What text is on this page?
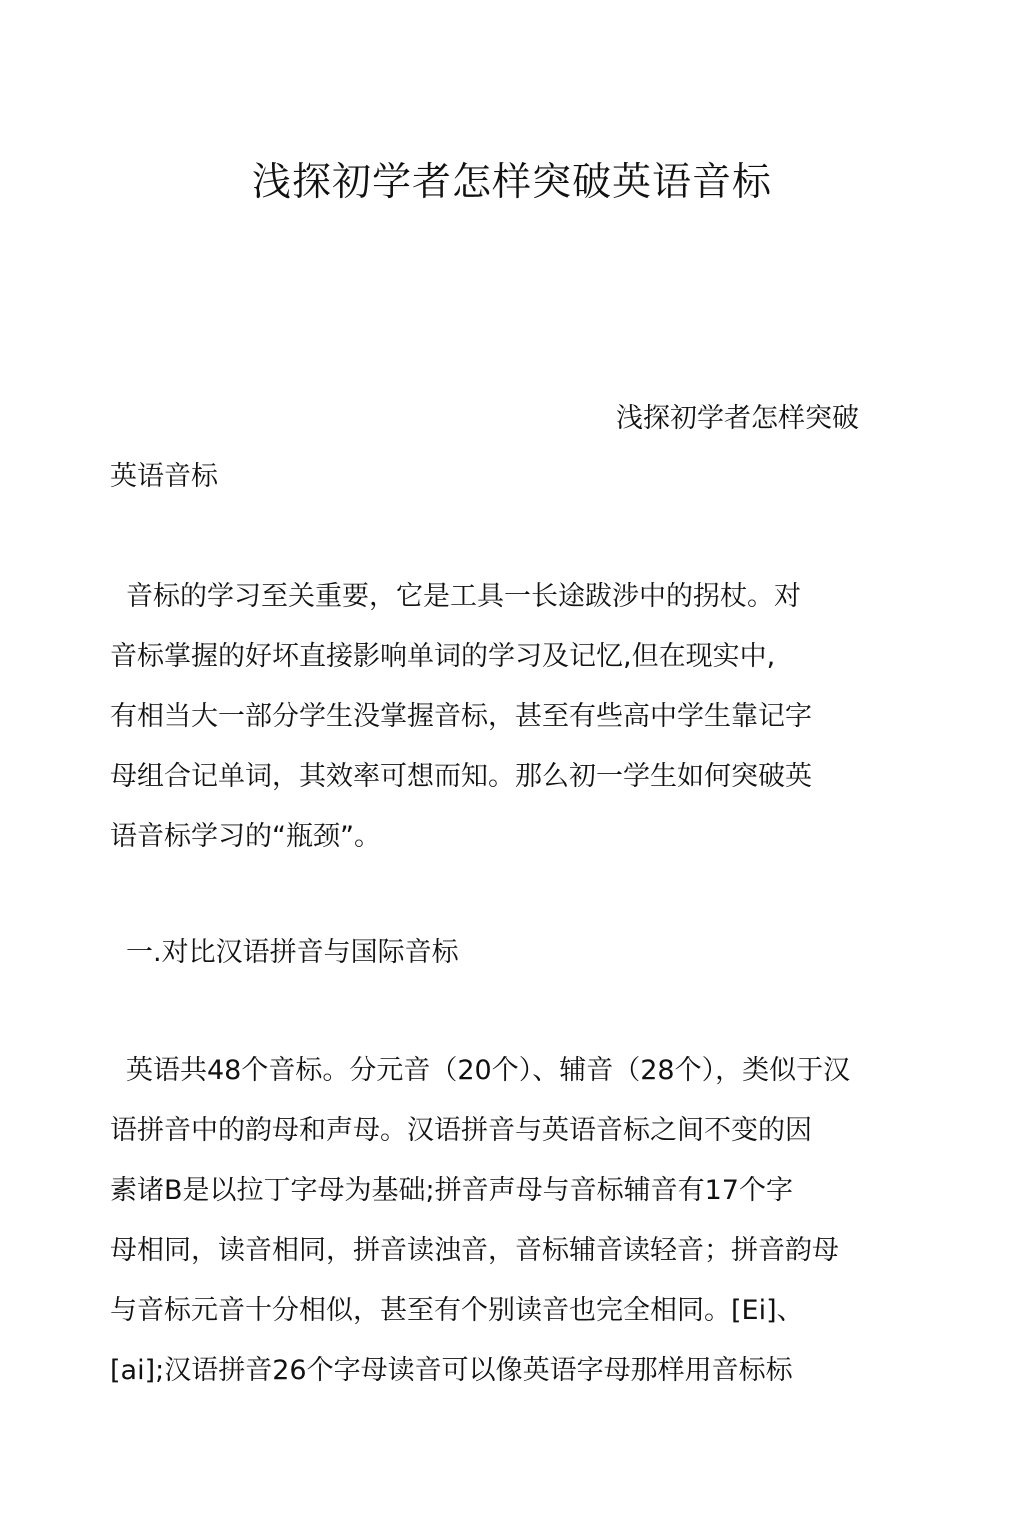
浅探初学者怎样突破英语音标

浅探初学者怎样突破

英语音标

音标的学习至关重要，它是工具一长途跋涉中的拐杖。对

音标掌握的好坏直接影响单词的学习及记忆,但在现实中,

有相当大一部分学生没掌握音标，甚至有些高中学生靠记字

母组合记单词，其效率可想而知。那么初一学生如何突破英

语音标学习的“瓶颈”。

一.对比汉语拼音与国际音标

英语共48个音标。分元音（20个）、辅音（28个），类似于汉

语拼音中的韵母和声母。汉语拼音与英语音标之间不变的因

素诸B是以拉丁字母为基础;拼音声母与音标辅音有17个字

母相同，读音相同，拼音读浊音，音标辅音读轻音；拼音韵母

与音标元音十分相似，甚至有个别读音也完全相同。[Ei]、

[ai];汉语拼音26个字母读音可以像英语字母那样用音标标
